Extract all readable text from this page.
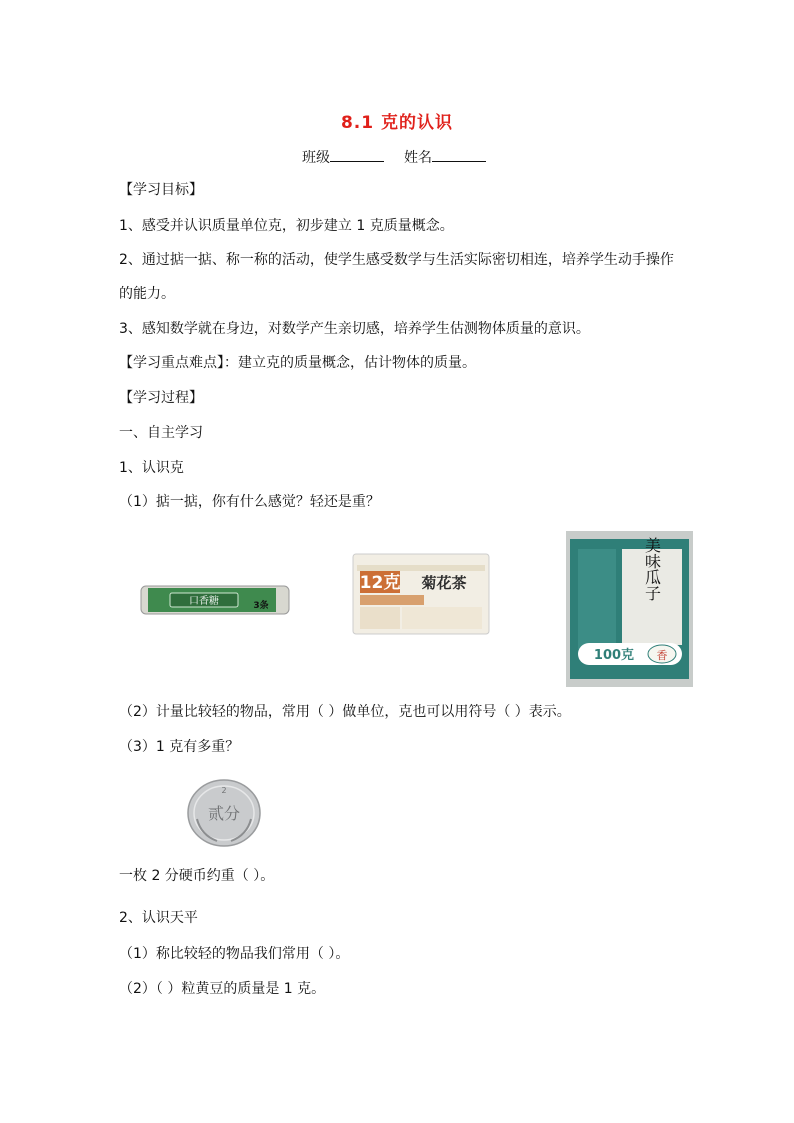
8.1 克的认识
班级	姓名
【学习目标】
1、感受并认识质量单位克，初步建立 1 克质量概念。
2、通过掂一掂、称一称的活动，使学生感受数学与生活实际密切相连，培养学生动手操作
的能力。
3、感知数学就在身边，对数学产生亲切感，培养学生估测物体质量的意识。
【学习重点难点】：建立克的质量概念，估计物体的质量。
【学习过程】
一、自主学习
1、认识克
（1）掂一掂，你有什么感觉？轻还是重？
口香糖	3条
12克 菊花茶	美味瓜子
100克 香
（2）计量比较轻的物品，常用（ ）做单位，克也可以用符号（ ）表示。
（3）1 克有多重？
2
贰分
一枚 2 分硬币约重（ ）。
2、认识天平
（1）称比较轻的物品我们常用（ ）。
（2）（ ）粒黄豆的质量是 1 克。
